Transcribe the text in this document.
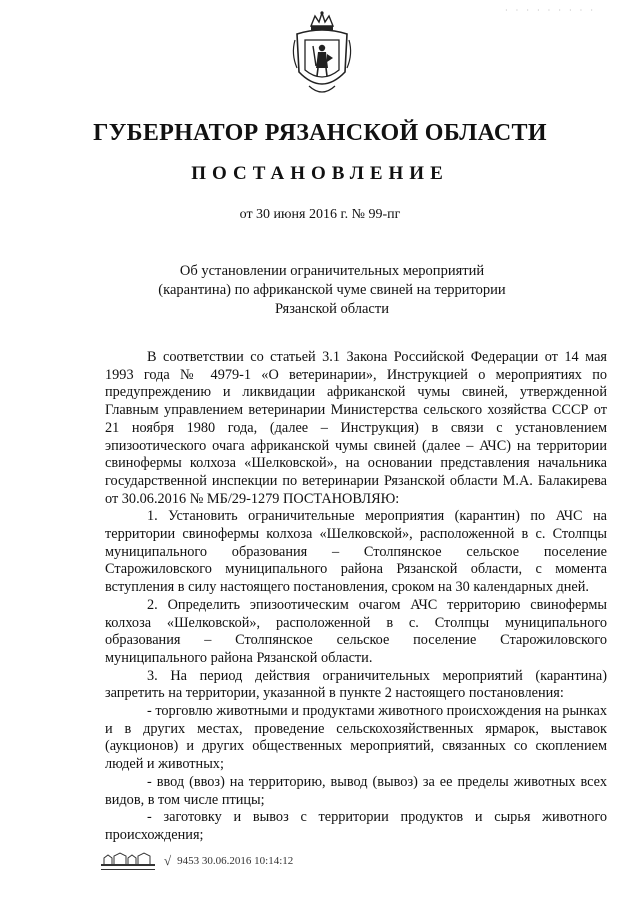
· · · · · · · · ·
ГУБЕРНАТОР РЯЗАНСКОЙ ОБЛАСТИ
ПОСТАНОВЛЕНИЕ
от 30 июня 2016 г. № 99-пг
Об установлении ограничительных мероприятий
(карантина) по африканской чуме свиней на территории
Рязанской области

В соответствии со статьей 3.1 Закона Российской Федерации от 14 мая 1993 года № 4979-1 «О ветеринарии», Инструкцией о мероприятиях по предупреждению и ликвидации африканской чумы свиней, утвержденной Главным управлением ветеринарии Министерства сельского хозяйства СССР от 21 ноября 1980 года, (далее – Инструкция) в связи с установлением эпизоотического очага африканской чумы свиней (далее – АЧС) на территории свинофермы колхоза «Шелковской», на основании представления начальника государственной инспекции по ветеринарии Рязанской области М.А. Балакирева от 30.06.2016 № МБ/29-1279 ПОСТАНОВЛЯЮ:

1. Установить ограничительные мероприятия (карантин) по АЧС на территории свинофермы колхоза «Шелковской», расположенной в с. Столпцы муниципального образования – Столпянское сельское поселение Старожиловского муниципального района Рязанской области, с момента вступления в силу настоящего постановления, сроком на 30 календарных дней.

2. Определить эпизоотическим очагом АЧС территорию свинофермы колхоза «Шелковской», расположенной в с. Столпцы муниципального образования – Столпянское сельское поселение Старожиловского муниципального района Рязанской области.

3. На период действия ограничительных мероприятий (карантина) запретить на территории, указанной в пункте 2 настоящего постановления:

- торговлю животными и продуктами животного происхождения на рынках и в других местах, проведение сельскохозяйственных ярмарок, выставок (аукционов) и других общественных мероприятий, связанных со скоплением людей и животных;

- ввод (ввоз) на территорию, вывод (вывоз) за ее пределы животных всех видов, в том числе птицы;

- заготовку и вывоз с территории продуктов и сырья животного происхождения;

√ 9453 30.06.2016 10:14:12
